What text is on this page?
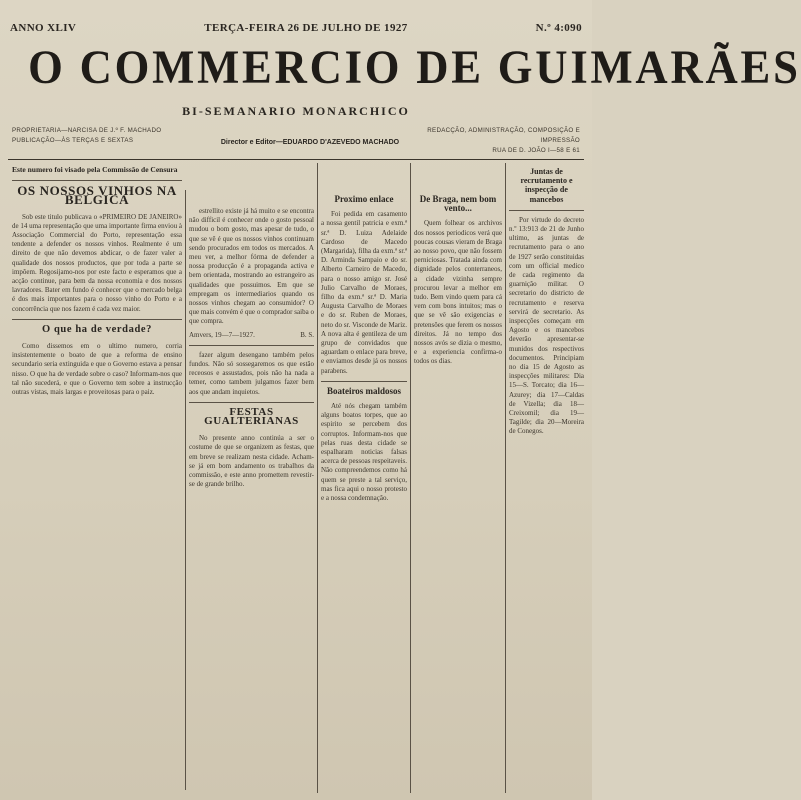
ANNO XLIV	TERÇA-FEIRA 26 DE JULHO DE 1927	N.º 4:090
O COMMERCIO DE GUIMARÃES
BI-SEMANARIO MONARCHICO
PROPRIETARIA—NARCISA DE J.º F. MACHADO
PUBLICAÇÃO—ÀS TERÇAS E SEXTAS	Director e Editor—EDUARDO D'AZEVEDO MACHADO
REDACÇÃO, ADMINISTRAÇÃO, COMPOSIÇÃO E IMPRESSÃO
RUA DE D. JOÃO I—58 E 61
Este numero foi visado pela Commissão de Censura
OS NOSSOS VINHOS NA BELGICA

Sob este titulo publicava o «PRIMEIRO DE JANEIRO» de 14 uma representação que uma importante firma enviou à Associação Commercial do Porto, representação essa tendente a defender os nossos vinhos. Realmente é um direito de que não devemos abdicar, o de fazer valer a qualidade dos nossos productos, que por toda a parte se impõem. Regosijamo-nos por este facto e esperamos que a acção continue, para bem da nossa economia e dos nossos lavradores. Bater em fundo é conhecer que o mercado belga é dos mais importantes para o nosso vinho do Porto e a concorrência que nos fazem é cada vez maior.

O que ha de verdade?

Como dissemos em o ultimo numero, corria insistentemente o boato de que a reforma de ensino secundario seria extinguida e que o Governo estava a pensar nisso. O que ha de verdade sobre o caso? Informam-nos que tal não sucederá, e que o Governo tem sobre a instrucção outras vistas, mais largas e proveitosas para o paiz.

estrellito existe já há muito e se encontra não difficil é conhecer onde o gosto pessoal mudou o bom gosto, mas apesar de tudo, o que se vê é que os nossos vinhos continuam sendo procurados em todos os mercados. A meu ver, a melhor fórma de defender a nossa producção é a propaganda activa e bem orientada, mostrando ao estrangeiro as qualidades que possuimos. Em que se empregam os intermediarios quando os nossos vinhos chegam ao consumidor? O que mais convém é que o comprador saiba o que compra.

Amvers, 19—7—1927.	B. S.

fazer algum desengano também pelos fundos. Não só sossegaremos os que estão receosos e assustados, pois não ha nada a temer, como tambem julgamos fazer bem aos que andam inquietos.

FESTAS GUALTERIANAS

No presente anno continúa a ser o costume de que se organizem as festas, que em breve se realizam nesta cidade. Acham-se já em bom andamento os trabalhos da commissão, e este anno promettem revestir-se de grande brilho.

Proximo enlace

Foi pedida em casamento a nossa gentil patricia e exm.ª sr.ª D. Luiza Adelaide Cardoso de Macedo (Margarida), filha da exm.ª sr.ª D. Arminda Sampaio e do sr. Alberto Carneiro de Macedo, para o nosso amigo sr. José Julio Carvalho de Moraes, filho da exm.ª sr.ª D. Maria Augusta Carvalho de Moraes e do sr. Ruben de Moraes, neto do sr. Visconde de Mariz. A nova alta é gentileza de um grupo de convidados que aguardam o enlace para breve, e enviamos desde já os nossos parabens.

Boateiros maldosos

Até nós chegam também alguns boatos torpes, que ao espirito se percebem dos corruptos. Informam-nos que pelas ruas desta cidade se espalharam noticias falsas acerca de pessoas respeitaveis. Não compreendemos como há quem se preste a tal serviço, mas fica aqui o nosso protesto e a nossa condemnação.

De Braga, nem bom vento...

Quem folhear os archivos dos nossos periodicos verá que poucas cousas vieram de Braga ao nosso povo, que não fossem perniciosas. Tratada ainda com dignidade pelos conterraneos, a cidade vizinha sempre procurou levar a melhor em tudo. Bem vindo quem para cá vem com bons intuitos; mas o que se vê são exigencias e pretensões que ferem os nossos direitos. Já no tempo dos nossos avós se dizia o mesmo, e a experiencia confirma-o todos os dias.

Juntas de recrutamento e inspecção de mancebos

Por virtude do decreto n.º 13:913 de 21 de Junho ultimo, as juntas de recrutamento para o ano de 1927 serão constituidas com um official medico de cada regimento da guarnição militar. O secretario do districto de recrutamento e reserva servirá de secretario. As inspecções começam em Agosto e os mancebos deverão apresentar-se munidos dos respectivos documentos. Principiam no dia 15 de Agosto as inspecções militares: Dia 15—S. Torcato; dia 16—Azurey; dia 17—Caldas de Vizella; dia 18—Creixomil; dia 19—Tagilde; dia 20—Moreira de Conegos.
